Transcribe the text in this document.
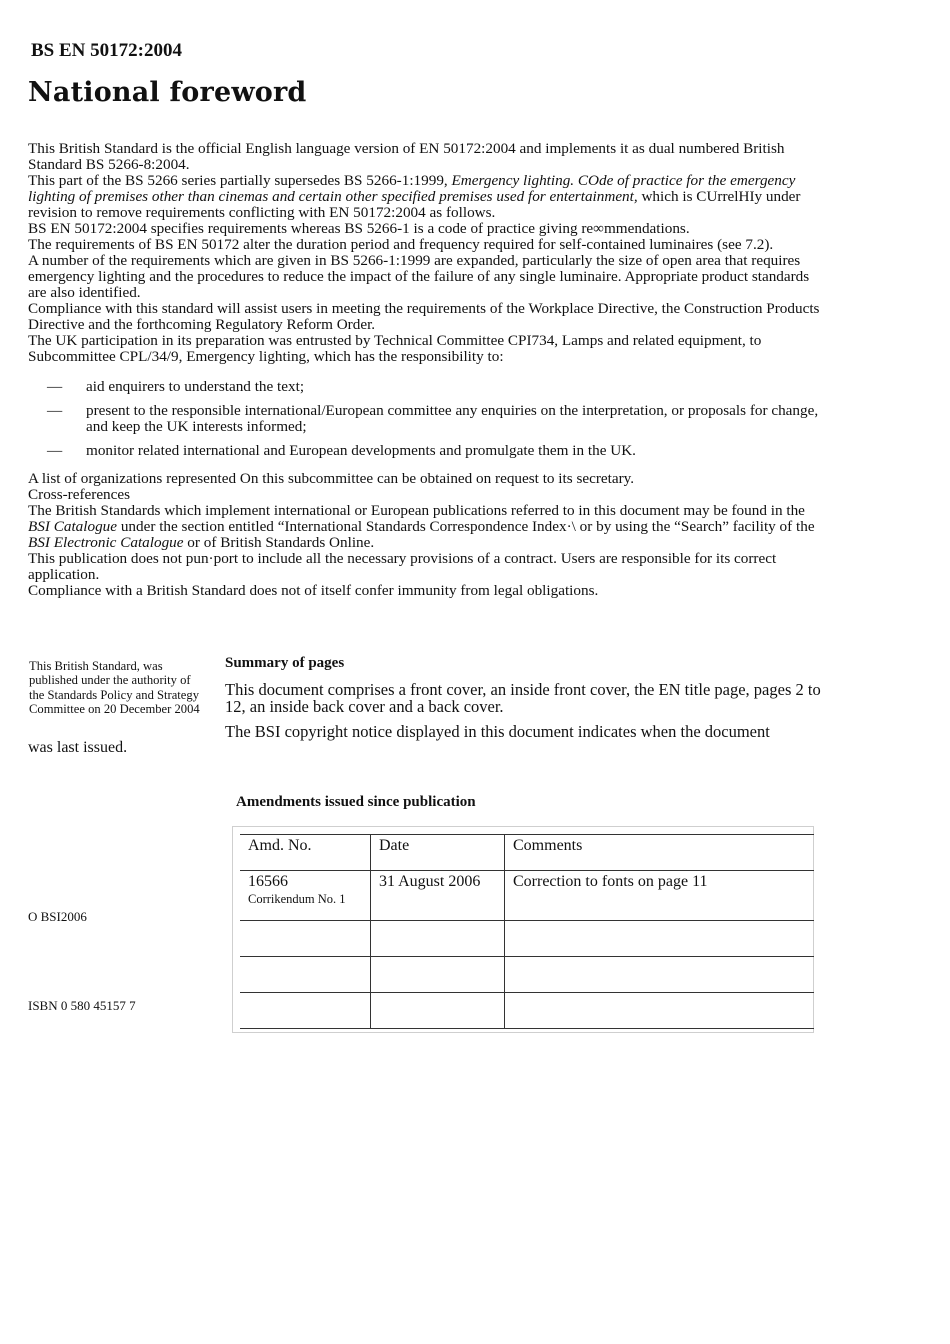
BS EN 50172:2004
National foreword

This British Standard is the official English language version of EN 50172:2004 and implements it as dual numbered British Standard BS 5266-8:2004.

This part of the BS 5266 series partially supersedes BS 5266-1:1999, Emergency lighting. COde of practice for the emergency lighting of premises other than cinemas and certain other specified premises used for entertainment, which is CUrrelHIy under revision to remove requirements conflicting with EN 50172:2004 as follows.

BS EN 50172:2004 specifies requirements whereas BS 5266-1 is a code of practice giving re∞mmendations.

The requirements of BS EN 50172 alter the duration period and frequency required for self-contained luminaires (see 7.2).

A number of the requirements which are given in BS 5266-1:1999 are expanded, particularly the size of open area that requires emergency lighting and the procedures to reduce the impact of the failure of any single luminaire. Appropriate product standards are also identified.

Compliance with this standard will assist users in meeting the requirements of the Workplace Directive, the Construction Products Directive and the forthcoming Regulatory Reform Order.

The UK participation in its preparation was entrusted by Technical Committee CPI734, Lamps and related equipment, to Subcommittee CPL/34/9, Emergency lighting, which has the responsibility to:

— aid enquirers to understand the text;
— present to the responsible international/European committee any enquiries on the interpretation, or proposals for change, and keep the UK interests informed;
— monitor related international and European developments and promulgate them in the UK.

A list of organizations represented On this subcommittee can be obtained on request to its secretary.

Cross-references

The British Standards which implement international or European publications referred to in this document may be found in the BSI Catalogue under the section entitled “International Standards Correspondence Index·\ or by using the “Search” facility of the BSI Electronic Catalogue or of British Standards Online.

This publication does not pun·port to include all the necessary provisions of a contract. Users are responsible for its correct application.

Compliance with a British Standard does not of itself confer immunity from legal obligations.

This British Standard, was published under the authority of the Standards Policy and Strategy Committee on 20 December 2004
was last issued.
O BSI2006
ISBN 0 580 45157 7
Summary of pages

This document comprises a front cover, an inside front cover, the EN title page, pages 2 to 12, an inside back cover and a back cover.

The BSI copyright notice displayed in this document indicates when the document

Amendments issued since publication
Amd. No.	Date	Comments
16566
Corrikendum No. 1	31 August 2006	Correction to fonts on page 11
